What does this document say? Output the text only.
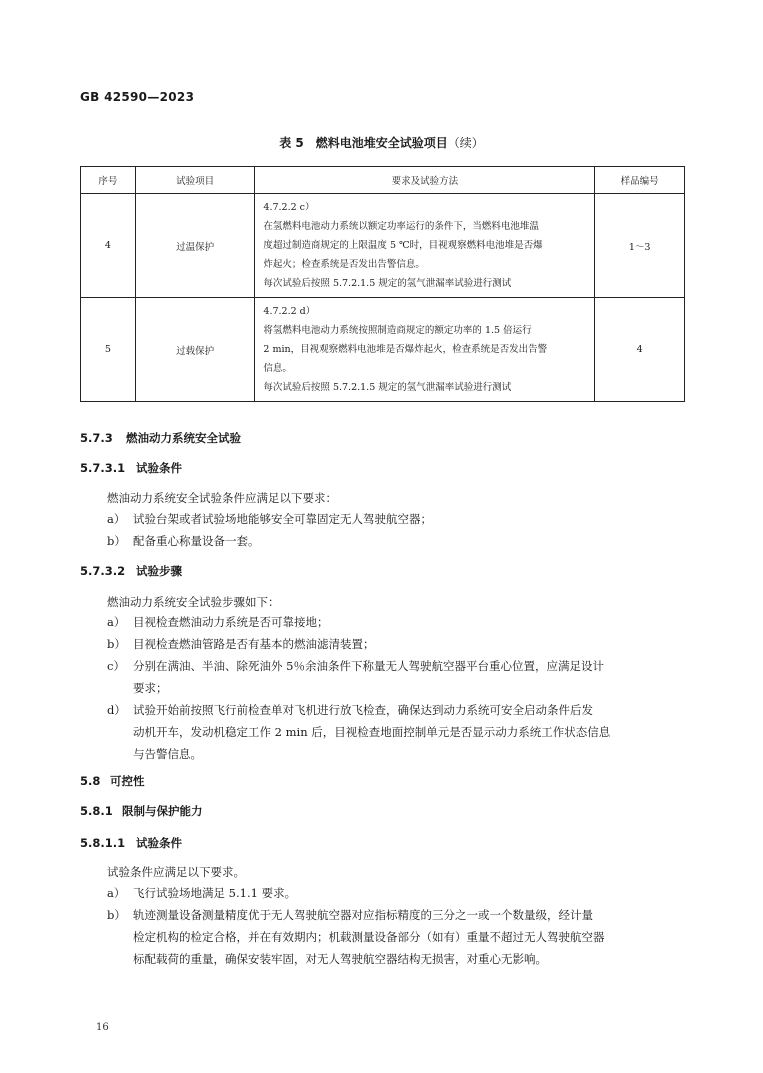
GB 42590—2023
表 5　燃料电池堆安全试验项目（续）
序号	试验项目	要求及试验方法	样品编号
4	过温保护	4.7.2.2 c）
在氢燃料电池动力系统以额定功率运行的条件下，当燃料电池堆温
度超过制造商规定的上限温度 5 ℃时，目视观察燃料电池堆是否爆
炸起火；检查系统是否发出告警信息。
每次试验后按照 5.7.2.1.5 规定的氢气泄漏率试验进行测试	1～3
5	过载保护	4.7.2.2 d）
将氢燃料电池动力系统按照制造商规定的额定功率的 1.5 倍运行
2 min，目视观察燃料电池堆是否爆炸起火，检查系统是否发出告警
信息。
每次试验后按照 5.7.2.1.5 规定的氢气泄漏率试验进行测试	4
5.7.3 燃油动力系统安全试验
5.7.3.1 试验条件
燃油动力系统安全试验条件应满足以下要求：
a） 试验台架或者试验场地能够安全可靠固定无人驾驶航空器；
b） 配备重心称量设备一套。
5.7.3.2 试验步骤
燃油动力系统安全试验步骤如下：
a） 目视检查燃油动力系统是否可靠接地；
b） 目视检查燃油管路是否有基本的燃油滤清装置；
c） 分别在满油、半油、除死油外 5％余油条件下称量无人驾驶航空器平台重心位置，应满足设计
要求；
d） 试验开始前按照飞行前检查单对飞机进行放飞检查，确保达到动力系统可安全启动条件后发
动机开车，发动机稳定工作 2 min 后，目视检查地面控制单元是否显示动力系统工作状态信息
与告警信息。
5.8 可控性
5.8.1 限制与保护能力
5.8.1.1 试验条件
试验条件应满足以下要求。
a） 飞行试验场地满足 5.1.1 要求。
b） 轨迹测量设备测量精度优于无人驾驶航空器对应指标精度的三分之一或一个数量级，经计量
检定机构的检定合格，并在有效期内；机载测量设备部分（如有）重量不超过无人驾驶航空器
标配载荷的重量，确保安装牢固，对无人驾驶航空器结构无损害，对重心无影响。
16
